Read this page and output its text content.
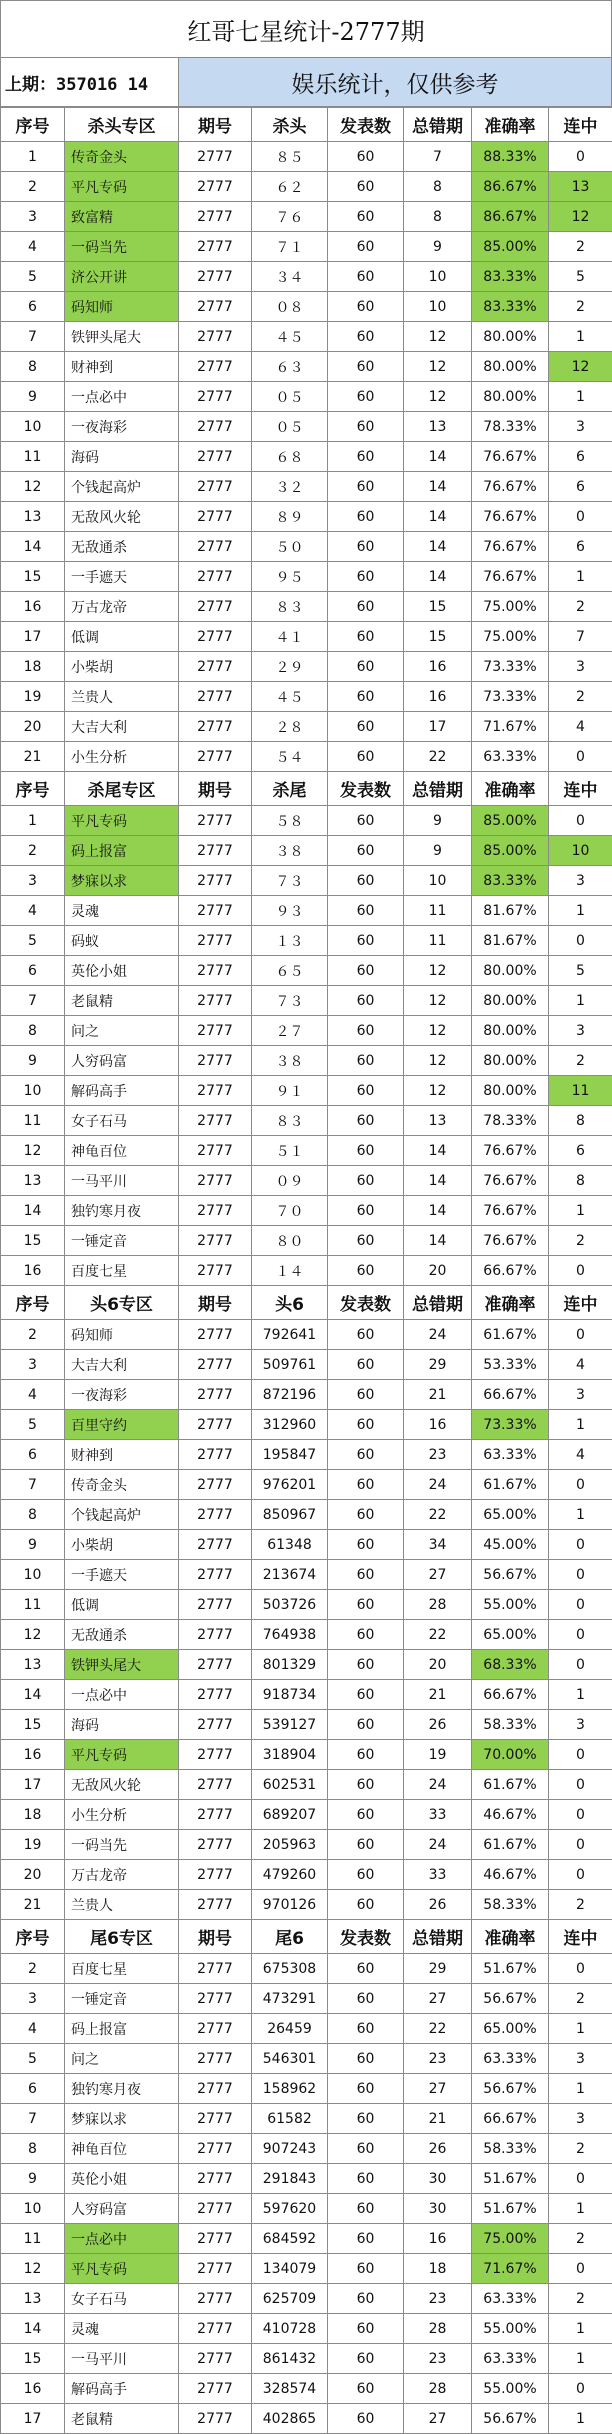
红哥七星统计-2777期
上期：357016 14	娱乐统计，仅供参考
序号	杀头专区	期号	杀头	发表数	总错期	准确率	连中
1	传奇金头	2777	８５	60	7	88.33%	0
2	平凡专码	2777	６２	60	8	86.67%	13
3	致富精	2777	７６	60	8	86.67%	12
4	一码当先	2777	７１	60	9	85.00%	2
5	济公开讲	2777	３４	60	10	83.33%	5
6	码知师	2777	０８	60	10	83.33%	2
7	铁钾头尾大	2777	４５	60	12	80.00%	1
8	财神到	2777	６３	60	12	80.00%	12
9	一点必中	2777	０５	60	12	80.00%	1
10	一夜海彩	2777	０５	60	13	78.33%	3
11	海码	2777	６８	60	14	76.67%	6
12	个钱起高炉	2777	３２	60	14	76.67%	6
13	无敌风火轮	2777	８９	60	14	76.67%	0
14	无敌通杀	2777	５０	60	14	76.67%	6
15	一手遮天	2777	９５	60	14	76.67%	1
16	万古龙帝	2777	８３	60	15	75.00%	2
17	低调	2777	４１	60	15	75.00%	7
18	小柴胡	2777	２９	60	16	73.33%	3
19	兰贵人	2777	４５	60	16	73.33%	2
20	大吉大利	2777	２８	60	17	71.67%	4
21	小生分析	2777	５４	60	22	63.33%	0
序号	杀尾专区	期号	杀尾	发表数	总错期	准确率	连中
1	平凡专码	2777	５８	60	9	85.00%	0
2	码上报富	2777	３８	60	9	85.00%	10
3	梦寐以求	2777	７３	60	10	83.33%	3
4	灵魂	2777	９３	60	11	81.67%	1
5	码蚁	2777	１３	60	11	81.67%	0
6	英伦小姐	2777	６５	60	12	80.00%	5
7	老鼠精	2777	７３	60	12	80.00%	1
8	问之	2777	２７	60	12	80.00%	3
9	人穷码富	2777	３８	60	12	80.00%	2
10	解码高手	2777	９１	60	12	80.00%	11
11	女子石马	2777	８３	60	13	78.33%	8
12	神龟百位	2777	５１	60	14	76.67%	6
13	一马平川	2777	０９	60	14	76.67%	8
14	独钓寒月夜	2777	７０	60	14	76.67%	1
15	一锤定音	2777	８０	60	14	76.67%	2
16	百度七星	2777	１４	60	20	66.67%	0
序号	头6专区	期号	头6	发表数	总错期	准确率	连中
2	码知师	2777	792641	60	24	61.67%	0
3	大吉大利	2777	509761	60	29	53.33%	4
4	一夜海彩	2777	872196	60	21	66.67%	3
5	百里守约	2777	312960	60	16	73.33%	1
6	财神到	2777	195847	60	23	63.33%	4
7	传奇金头	2777	976201	60	24	61.67%	0
8	个钱起高炉	2777	850967	60	22	65.00%	1
9	小柴胡	2777	61348	60	34	45.00%	0
10	一手遮天	2777	213674	60	27	56.67%	0
11	低调	2777	503726	60	28	55.00%	0
12	无敌通杀	2777	764938	60	22	65.00%	0
13	铁钾头尾大	2777	801329	60	20	68.33%	0
14	一点必中	2777	918734	60	21	66.67%	1
15	海码	2777	539127	60	26	58.33%	3
16	平凡专码	2777	318904	60	19	70.00%	0
17	无敌风火轮	2777	602531	60	24	61.67%	0
18	小生分析	2777	689207	60	33	46.67%	0
19	一码当先	2777	205963	60	24	61.67%	0
20	万古龙帝	2777	479260	60	33	46.67%	0
21	兰贵人	2777	970126	60	26	58.33%	2
序号	尾6专区	期号	尾6	发表数	总错期	准确率	连中
2	百度七星	2777	675308	60	29	51.67%	0
3	一锤定音	2777	473291	60	27	56.67%	2
4	码上报富	2777	26459	60	22	65.00%	1
5	问之	2777	546301	60	23	63.33%	3
6	独钓寒月夜	2777	158962	60	27	56.67%	1
7	梦寐以求	2777	61582	60	21	66.67%	3
8	神龟百位	2777	907243	60	26	58.33%	2
9	英伦小姐	2777	291843	60	30	51.67%	0
10	人穷码富	2777	597620	60	30	51.67%	1
11	一点必中	2777	684592	60	16	75.00%	2
12	平凡专码	2777	134079	60	18	71.67%	0
13	女子石马	2777	625709	60	23	63.33%	2
14	灵魂	2777	410728	60	28	55.00%	1
15	一马平川	2777	861432	60	23	63.33%	1
16	解码高手	2777	328574	60	28	55.00%	0
17	老鼠精	2777	402865	60	27	56.67%	1
